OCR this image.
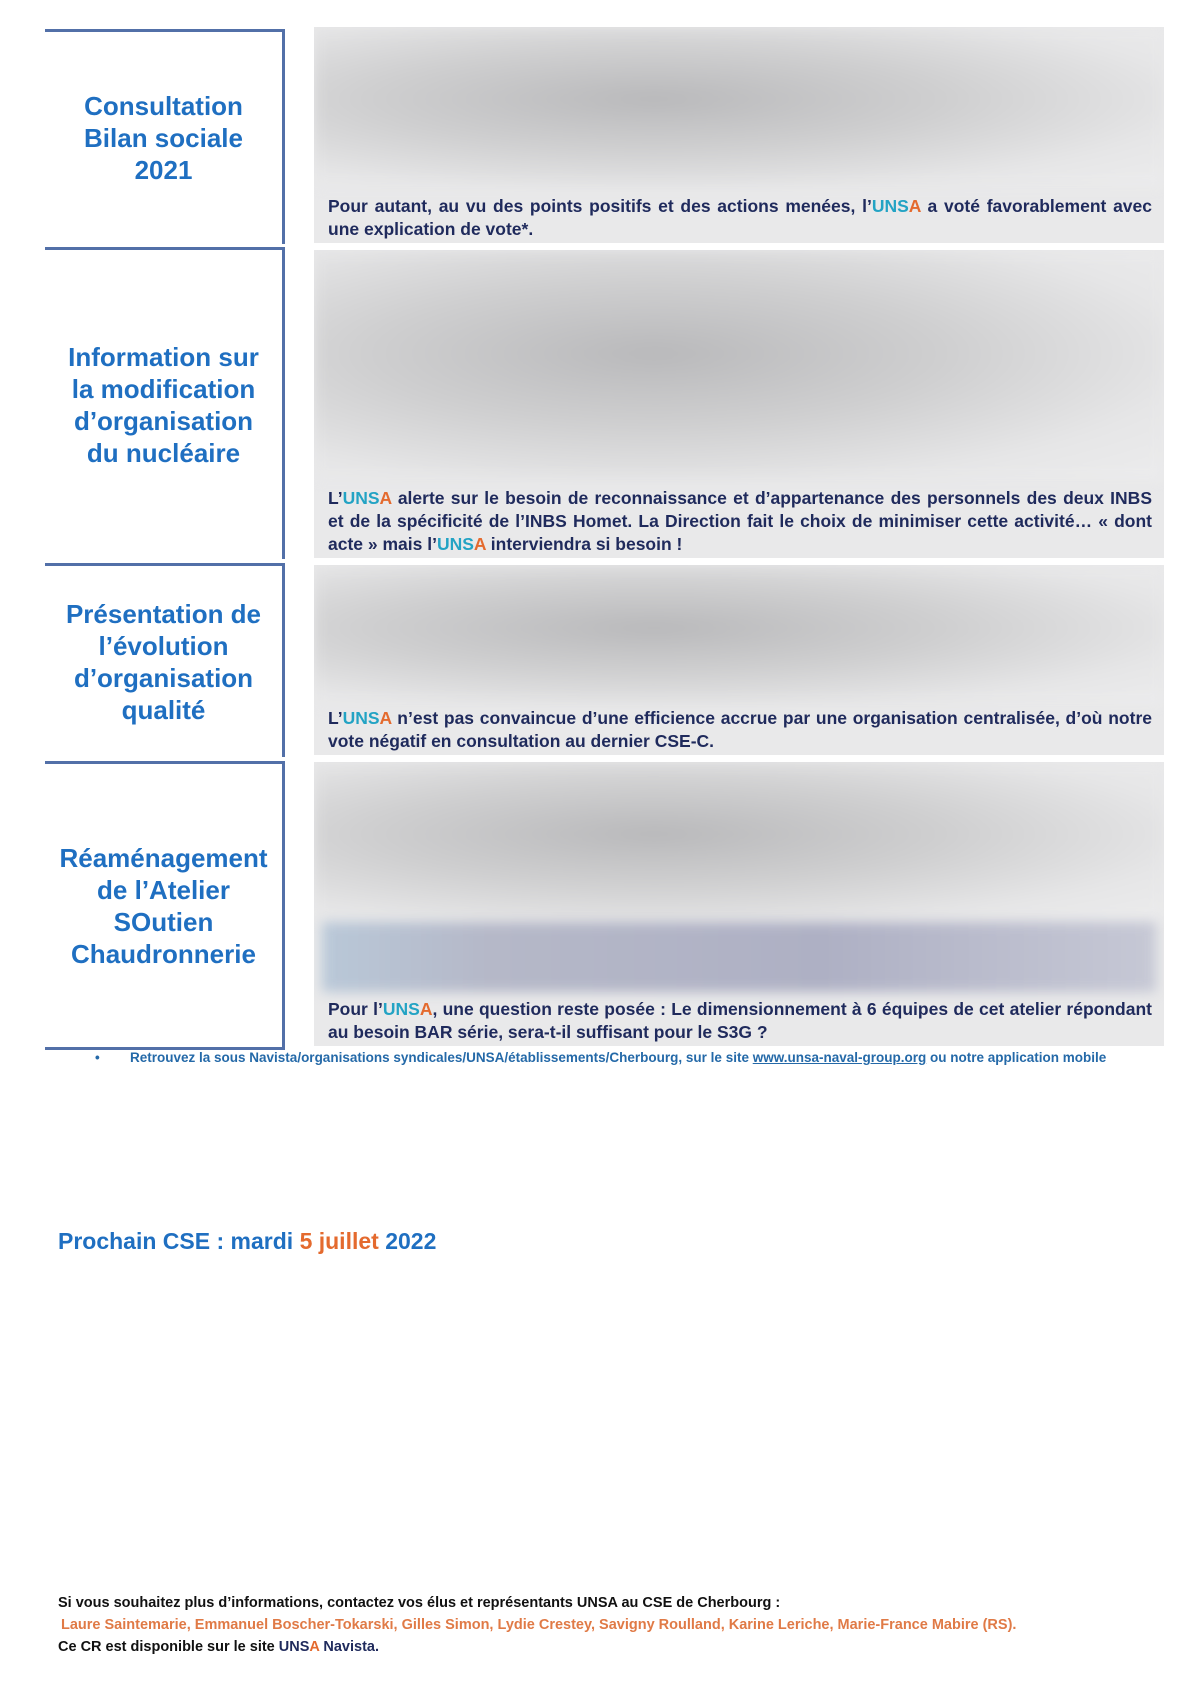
Consultation Bilan sociale 2021
Pour autant, au vu des points positifs et des actions menées, l’UNSA a voté favorablement avec une explication de vote*.
Information sur la modification d’organisation du nucléaire
L’UNSA alerte sur le besoin de reconnaissance et d’appartenance des personnels des deux INBS et de la spécificité de l’INBS Homet. La Direction fait le choix de minimiser cette activité… « dont acte » mais l’UNSA interviendra si besoin !
Présentation de l’évolution d’organisation qualité	L’UNSA n’est pas convaincue d’une efficience accrue par une organisation centralisée, d’où notre vote négatif en consultation au dernier CSE-C.
Réaménagement de l’Atelier SOutien Chaudronnerie
Pour l’UNSA, une question reste posée : Le dimensionnement à 6 équipes de cet atelier répondant au besoin BAR série, sera-t-il suffisant pour le S3G ?
• Retrouvez la sous Navista/organisations syndicales/UNSA/établissements/Cherbourg, sur le site www.unsa-naval-group.org ou notre application mobile
Prochain CSE : mardi 5 juillet 2022
Si vous souhaitez plus d’informations, contactez vos élus et représentants UNSA au CSE de Cherbourg :
Laure Saintemarie, Emmanuel Boscher-Tokarski, Gilles Simon, Lydie Crestey, Savigny Roulland, Karine Leriche, Marie-France Mabire (RS).
Ce CR est disponible sur le site UNSA Navista.
